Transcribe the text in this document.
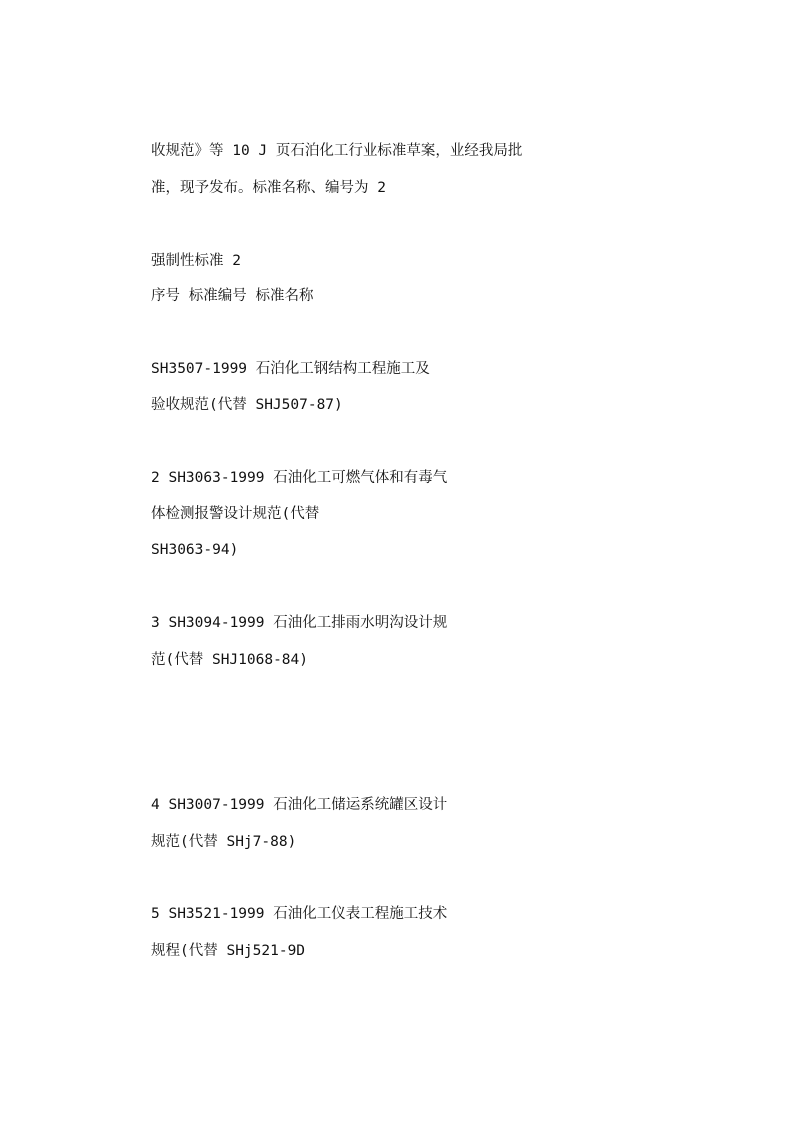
收规范》等 10 J 页石泊化工行业标准草案，业经我局批
准，现予发布。标准名称、编号为 2
强制性标准 2
序号 标准编号 标准名称
SH3507-1999 石泊化工钢结构工程施工及
验收规范(代替 SHJ507-87)
2 SH3063-1999 石油化工可燃气体和有毒气
体检测报警设计规范(代替
SH3063-94)
3 SH3094-1999 石油化工排雨水明沟设计规
范(代替 SHJ1068-84)
4 SH3007-1999 石油化工储运系统罐区设计
规范(代替 SHj7-88)
5 SH3521-1999 石油化工仪表工程施工技术
规程(代替 SHj521-9D
